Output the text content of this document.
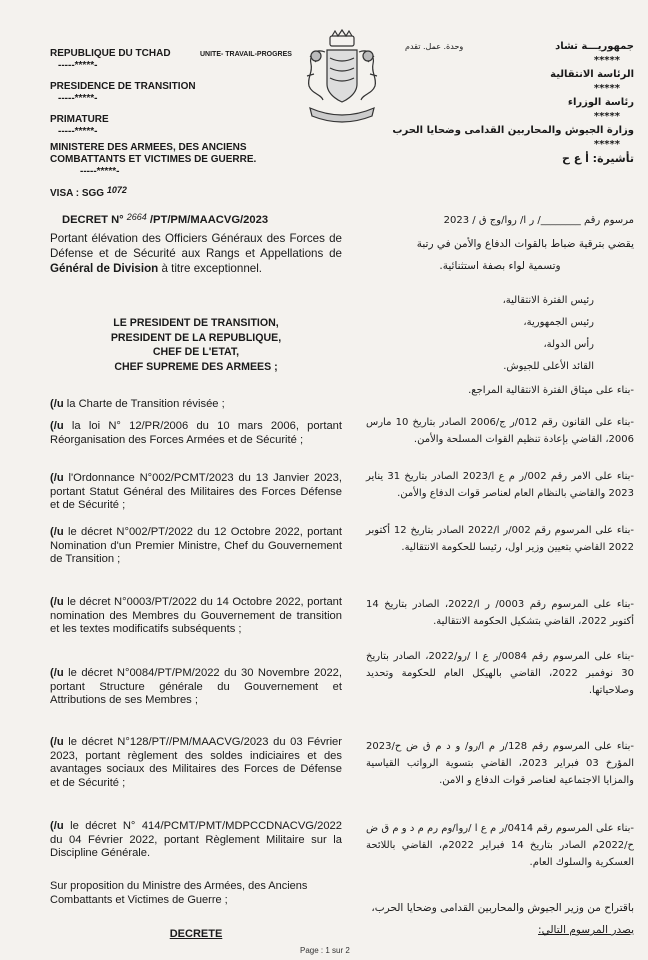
REPUBLIQUE DU TCHAD
-----*****-
PRESIDENCE DE TRANSITION
-----*****-
PRIMATURE
-----*****-
MINISTERE DES ARMEES, DES ANCIENS
COMBATTANTS ET VICTIMES DE GUERRE.
-----*****-
UNITE- TRAVAIL-PROGRES
وحدة. عمل. تقدم	جمهوريـــة تشاد
*****
الرئاسة الانتقالية
*****
رئاسة الوزراء
*****
وزارة الجيوش والمحاربين القدامى وضحايا الحرب
*****
تأشيرة: أ ع ح
VISA : SGG 1072
DECRET N° $^{2664}$ /PT/PM/MAACVG/2023
Portant élévation des Officiers Généraux des Forces de Défense et de Sécurité aux Rangs et Appellations de Général de Division à titre exceptionnel.
LE PRESIDENT DE TRANSITION,
PRESIDENT DE LA REPUBLIQUE,
CHEF DE L'ETAT,
CHEF SUPREME DES ARMEES ;
(/u la Charte de Transition révisée ;
(/u la loi N° 12/PR/2006 du 10 mars 2006, portant Réorganisation des Forces Armées et de Sécurité ;
(/u l'Ordonnance N°002/PCMT/2023 du 13 Janvier 2023, portant Statut Général des Militaires des Forces Défense et de Sécurité ;
(/u le décret N°002/PT/2022 du 12 Octobre 2022, portant Nomination d'un Premier Ministre, Chef du Gouvernement de Transition ;
(/u le décret N°0003/PT/2022 du 14 Octobre 2022, portant nomination des Membres du Gouvernement de transition et les textes modificatifs subséquents ;
(/u le décret N°0084/PT/PM/2022 du 30 Novembre 2022, portant Structure générale du Gouvernement et Attributions de ses Membres ;
(/u le décret N°128/PT//PM/MAACVG/2023 du 03 Février 2023, portant règlement des soldes indiciaires et des avantages sociaux des Militaires des Forces de Défense et de Sécurité ;
(/u le décret N° 414/PCMT/PMT/MDPCCDNACVG/2022 du 04 Février 2022, portant Règlement Militaire sur la Discipline Générale.
Sur proposition du Ministre des Armées, des Anciens Combattants et Victimes de Guerre ;
DECRETE
مرسوم رقم ________/ ر ا/ روا/وج ق / 2023
يقضي بترقية ضباط بالقوات الدفاع والأمن في رتبة
وتسمية لواء بصفة استثنائية.
رئيس الفترة الانتقالية،
رئيس الجمهورية،
رأس الدولة،
القائد الأعلى للجيوش.
-بناء على ميثاق الفترة الانتقالية المراجع.
-بناء على القانون رقم 012/ر ج/2006 الصادر بتاريخ 10 مارس 2006، القاضي بإعادة تنظيم القوات المسلحة والأمن.
-بناء على الامر رقم 002/ر م ع ا/2023 الصادر بتاريخ 31 يناير 2023 والقاضي بالنظام العام لعناصر قوات الدفاع والأمن.
-بناء على المرسوم رقم 002/ر ا/2022 الصادر بتاريخ 12 أكتوبر 2022 القاضي بتعيين وزير اول، رئيسا للحكومة الانتقالية.
-بناء على المرسوم رقم 0003/ ر ا/2022، الصادر بتاريخ 14 أكتوبر 2022، القاضي بتشكيل الحكومة الانتقالية.
-بناء على المرسوم رقم 0084/ر ع ا /رو/2022، الصادر بتاريخ 30 نوفمبر 2022، القاضي بالهيكل العام للحكومة وتحديد وصلاحياتها.
-بناء على المرسوم رقم 128/ر م ا/رو/ و د م ق ض ح/2023 المؤرخ 03 فبراير 2023، القاضي بتسوية الرواتب القياسية والمزايا الاجتماعية لعناصر قوات الدفاع و الامن.
-بناء على المرسوم رقم 0414/ر م ع ا /روا/وم رم م د و م ق ض ح/2022م الصادر بتاريخ 14 فبراير 2022م، القاضي باللائحة العسكرية والسلوك العام.
باقتراح من وزير الجيوش والمحاربين القدامى وضحايا الحرب،
يصدر المرسوم التالي:
Page : 1 sur 2
